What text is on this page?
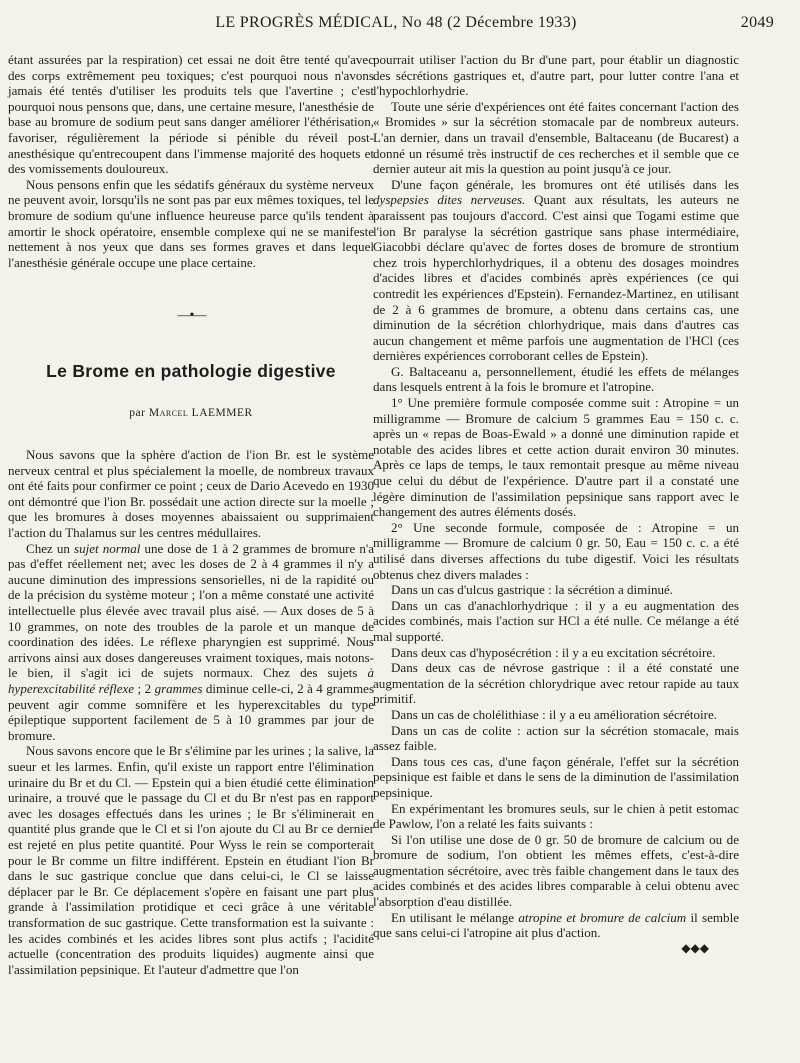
LE PROGRÈS MÉDICAL, No 48 (2 Décembre 1933)	2049

étant assurées par la respiration) cet essai ne doit être tenté qu'avec des corps extrêmement peu toxiques; c'est pourquoi nous n'avons jamais été tentés d'utiliser les produits tels que l'avertine ; c'est pourquoi nous pensons que, dans, une certaine mesure, l'anesthésie de base au bromure de sodium peut sans danger améliorer l'éthérisation, favoriser, régulièrement la période si pénible du réveil post-anesthésique qu'entrecoupent dans l'immense majorité des hoquets et des vomissements douloureux.

Nous pensons enfin que les sédatifs généraux du système nerveux ne peuvent avoir, lorsqu'ils ne sont pas par eux mêmes toxiques, tel le bromure de sodium qu'une influence heureuse parce qu'ils tendent à amortir le shock opératoire, ensemble complexe qui ne se manifeste nettement à nos yeux que dans ses formes graves et dans lequel l'anesthésie générale occupe une place certaine.

—•—
Le Brome en pathologie digestive
par Marcel LAEMMER

Nous savons que la sphère d'action de l'ion Br. est le système nerveux central et plus spécialement la moelle, de nombreux travaux ont été faits pour confirmer ce point ; ceux de Dario Acevedo en 1930 ont démontré que l'ion Br. possédait une action directe sur la moelle ; que les bromures à doses moyennes abaissaient ou supprimaient l'action du Thalamus sur les centres médullaires.

Chez un sujet normal une dose de 1 à 2 grammes de bromure n'a pas d'effet réellement net; avec les doses de 2 à 4 grammes il n'y a aucune diminution des impressions sensorielles, ni de la rapidité ou de la précision du système moteur ; l'on a même constaté une activité intellectuelle plus élevée avec travail plus aisé. — Aux doses de 5 à 10 grammes, on note des troubles de la parole et un manque de coordination des idées. Le réflexe pharyngien est supprimé. Nous arrivons ainsi aux doses dangereuses vraiment toxiques, mais notons-le bien, il s'agit ici de sujets normaux. Chez des sujets à hyperexcitabilité réflexe ; 2 grammes diminue celle-ci, 2 à 4 grammes peuvent agir comme somnifère et les hyperexcitables du type épileptique supportent facilement de 5 à 10 grammes par jour de bromure.

Nous savons encore que le Br s'élimine par les urines ; la salive, la sueur et les larmes. Enfin, qu'il existe un rapport entre l'élimination urinaire du Br et du Cl. — Epstein qui a bien étudié cette élimination urinaire, a trouvé que le passage du Cl et du Br n'est pas en rapport avec les dosages effectués dans les urines ; le Br s'éliminerait en quantité plus grande que le Cl et si l'on ajoute du Cl au Br ce dernier est rejeté en plus petite quantité. Pour Wyss le rein se comporterait pour le Br comme un filtre indifférent. Epstein en étudiant l'ion Br dans le suc gastrique conclue que dans celui-ci, le Cl se laisse déplacer par le Br. Ce déplacement s'opère en faisant une part plus grande à l'assimilation protidique et ceci grâce à une véritable transformation de suc gastrique. Cette transformation est la suivante : les acides combinés et les acides libres sont plus actifs ; l'acidité actuelle (concentration des produits liquides) augmente ainsi que l'assimilation pepsinique. Et l'auteur d'admettre que l'on

pourrait utiliser l'action du Br d'une part, pour établir un diagnostic des sécrétions gastriques et, d'autre part, pour lutter contre l'ana et l'hypochlorhydrie.

Toute une série d'expériences ont été faites concernant l'action des « Bromides » sur la sécrétion stomacale par de nombreux auteurs. L'an dernier, dans un travail d'ensemble, Baltaceanu (de Bucarest) a donné un résumé très instructif de ces recherches et il semble que ce dernier auteur ait mis la question au point jusqu'à ce jour.

D'une façon générale, les bromures ont été utilisés dans les dyspepsies dites nerveuses. Quant aux résultats, les auteurs ne paraissent pas toujours d'accord. C'est ainsi que Togami estime que l'ion Br paralyse la sécrétion gastrique sans phase intermédiaire, Giacobbi déclare qu'avec de fortes doses de bromure de strontium chez trois hyperchlorhydriques, il a obtenu des dosages moindres d'acides libres et d'acides combinés après expériences (ce qui contredit les expériences d'Epstein). Fernandez-Martinez, en utilisant de 2 à 6 grammes de bromure, a obtenu dans certains cas, une diminution de la sécrétion chlorhydrique, mais dans d'autres cas aucun changement et même parfois une augmentation de l'HCl (ces dernières expériences corroborant celles de Epstein).

G. Baltaceanu a, personnellement, étudié les effets de mélanges dans lesquels entrent à la fois le bromure et l'atropine.

1° Une première formule composée comme suit : Atropine = un milligramme — Bromure de calcium 5 grammes Eau = 150 c. c. après un « repas de Boas-Ewald » a donné une diminution rapide et notable des acides libres et cette action durait environ 30 minutes. Après ce laps de temps, le taux remontait presque au même niveau que celui du début de l'expérience. D'autre part il a constaté une légère diminution de l'assimilation pepsinique sans rapport avec le changement des autres éléments dosés.

2° Une seconde formule, composée de : Atropine = un milligramme — Bromure de calcium 0 gr. 50, Eau = 150 c. c. a été utilisé dans diverses affections du tube digestif. Voici les résultats obtenus chez divers malades :

Dans un cas d'ulcus gastrique : la sécrétion a diminué.

Dans un cas d'anachlorhydrique : il y a eu augmentation des acides combinés, mais l'action sur HCl a été nulle. Ce mélange a été mal supporté.

Dans deux cas d'hyposécrétion : il y a eu excitation sécrétoire.

Dans deux cas de névrose gastrique : il a été constaté une augmentation de la sécrétion chlorydrique avec retour rapide au taux primitif.

Dans un cas de cholélithiase : il y a eu amélioration sécrétoire.

Dans un cas de colite : action sur la sécrétion stomacale, mais assez faible.

Dans tous ces cas, d'une façon générale, l'effet sur la sécrétion pepsinique est faible et dans le sens de la diminution de l'assimilation pepsinique.

En expérimentant les bromures seuls, sur le chien à petit estomac de Pawlow, l'on a relaté les faits suivants :

Si l'on utilise une dose de 0 gr. 50 de bromure de calcium ou de bromure de sodium, l'on obtient les mêmes effets, c'est-à-dire augmentation sécrétoire, avec très faible changement dans le taux des acides combinés et des acides libres comparable à celui obtenu avec l'absorption d'eau distillée.

En utilisant le mélange atropine et bromure de calcium il semble que sans celui-ci l'atropine ait plus d'action.

◆◆◆
